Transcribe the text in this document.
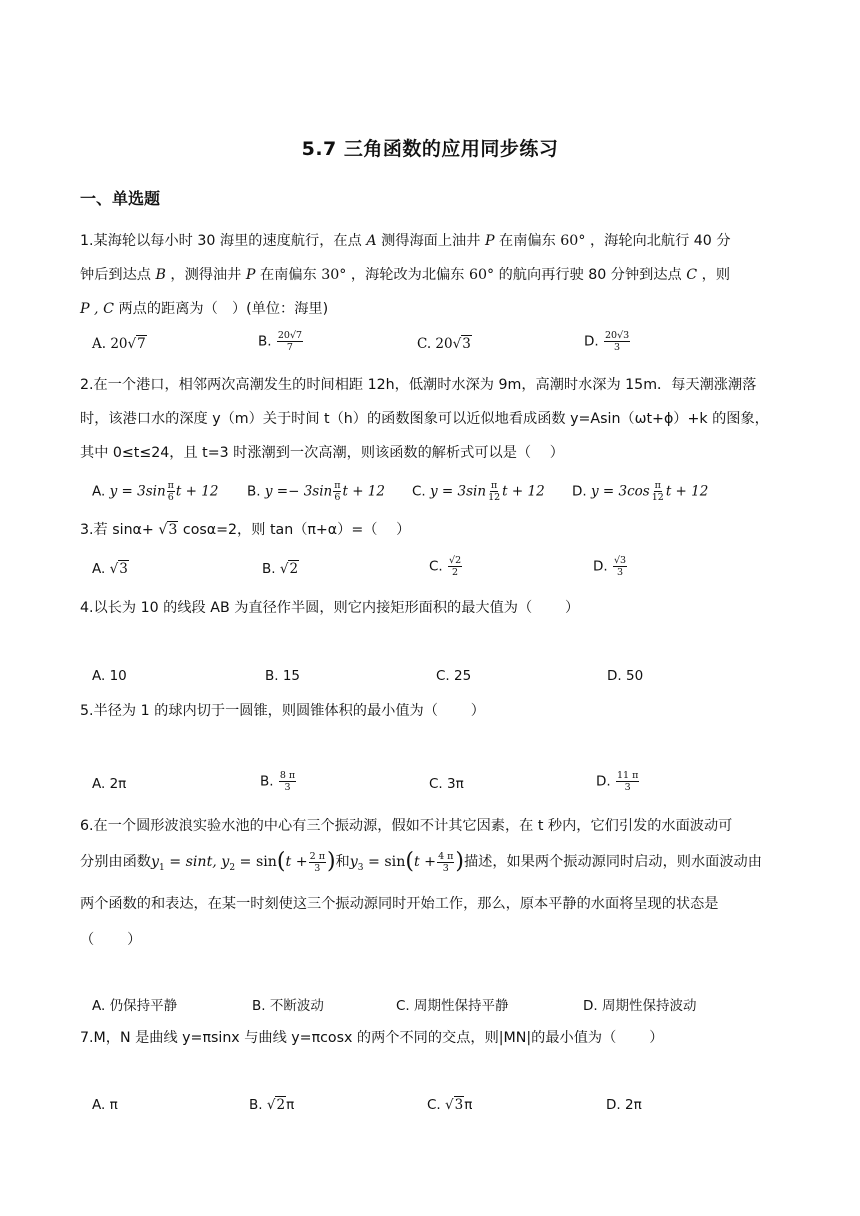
5.7 三角函数的应用同步练习
一、单选题
1.某海轮以每小时 30 海里的速度航行，在点 A 测得海面上油井 P 在南偏东 60° ，海轮向北航行 40 分
钟后到达点 B ，测得油井 P 在南偏东 30° ，海轮改为北偏东 60° 的航向再行驶 80 分钟到达点 C ，则
P , C 两点的距离为（　）(单位：海里)
A. 20√7	B. $\frac{20√7}{7}$	C. 20√3	D. $\frac{20√3}{3}$
2.在一个港口，相邻两次高潮发生的时间相距 12h，低潮时水深为 9m，高潮时水深为 15m．每天潮涨潮落
时，该港口水的深度 y（m）关于时间 t（h）的函数图象可以近似地看成函数 y=Asin（ωt+ϕ）+k 的图象，
其中 0≤t≤24，且 t=3 时涨潮到一次高潮，则该函数的解析式可以是（　 ）
A. $y = 3\sin \frac{\pi}{6}$ t + 12 B. $y =- 3\sin \frac{\pi}{6}$ t + 12 C. $y = 3\sin \frac{\pi}{12}$ t + 12 D. $y = 3\cos \frac{\pi}{12}$ t + 12
3.若 sinα+ √3 cosα=2，则 tan（π+α）=（　 ）
A. √3	B. √2	C. $\frac{√2}{2}$	D. $\frac{√3}{3}$
4.以长为 10 的线段 AB 为直径作半圆，则它内接矩形面积的最大值为（　　 ）
A. 10	B. 15	C. 25	D. 50
5.半径为 1 的球内切于一圆锥，则圆锥体积的最小值为（　　 ）
A. 2π	B. $\frac{8 \pi}{3}$	C. 3π	D. $\frac{11 \pi}{3}$
6.在一个圆形波浪实验水池的中心有三个振动源，假如不计其它因素，在 t 秒内，它们引发的水面波动可
分别由函数$y_1 = \sin t$, $y_2 = \sin(t + \frac{2 \pi}{3}$ )和$y_3 = \sin(t + \frac{4 \pi}{3}$ )描述，如果两个振动源同时启动，则水面波动由
两个函数的和表达，在某一时刻使这三个振动源同时开始工作，那么，原本平静的水面将呈现的状态是
（　　 ）
A. 仍保持平静	B. 不断波动	C. 周期性保持平静	D. 周期性保持波动
7.M，N 是曲线 y=πsinx 与曲线 y=πcosx 的两个不同的交点，则|MN|的最小值为（　　 ）
A. π	B. √2π	C. √3π	D. 2π
